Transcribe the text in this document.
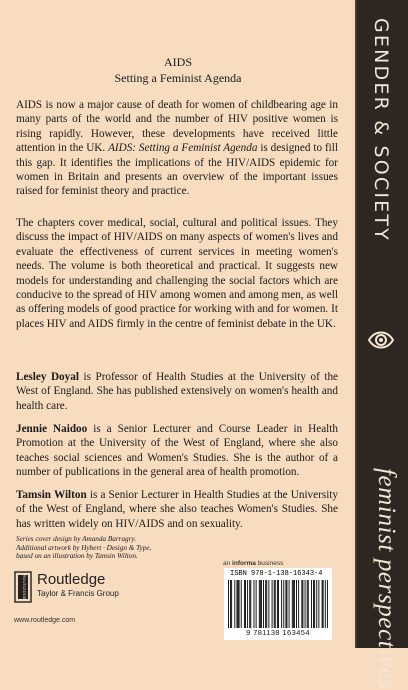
AIDS
Setting a Feminist Agenda

AIDS is now a major cause of death for women of childbearing age in many parts of the world and the number of HIV positive women is rising rapidly. However, these developments have received little attention in the UK. AIDS: Setting a Feminist Agenda is designed to fill this gap. It identifies the implications of the HIV/AIDS epidemic for women in Britain and presents an overview of the important issues raised for feminist theory and practice.

The chapters cover medical, social, cultural and political issues. They discuss the impact of HIV/AIDS on many aspects of women's lives and evaluate the effectiveness of current services in meeting women's needs. The volume is both theoretical and practical. It suggests new models for understanding and challenging the social factors which are conducive to the spread of HIV among women and among men, as well as offering models of good practice for working with and for women. It places HIV and AIDS firmly in the centre of feminist debate in the UK.

Lesley Doyal is Professor of Health Studies at the University of the West of England. She has published extensively on women's health and health care.

Jennie Naidoo is a Senior Lecturer and Course Leader in Health Promotion at the University of the West of England, where she also teaches social sciences and Women's Studies. She is the author of a number of publications in the general area of health promotion.

Tamsin Wilton is a Senior Lecturer in Health Studies at the University of the West of England, where she also teaches Women's Studies. She has written widely on HIV/AIDS and on sexuality.

Series cover design by Amanda Barragry.
Additional artwork by Hybert · Design & Type,
based on an illustration by Tamsin Wilton.
an informa business
ISBN 978-1-138-16343-4
9 781138 163454
ROUTLEDGE Routledge
Taylor & Francis Group
www.routledge.com
GENDER & SOCIETY
feminist perspectives
